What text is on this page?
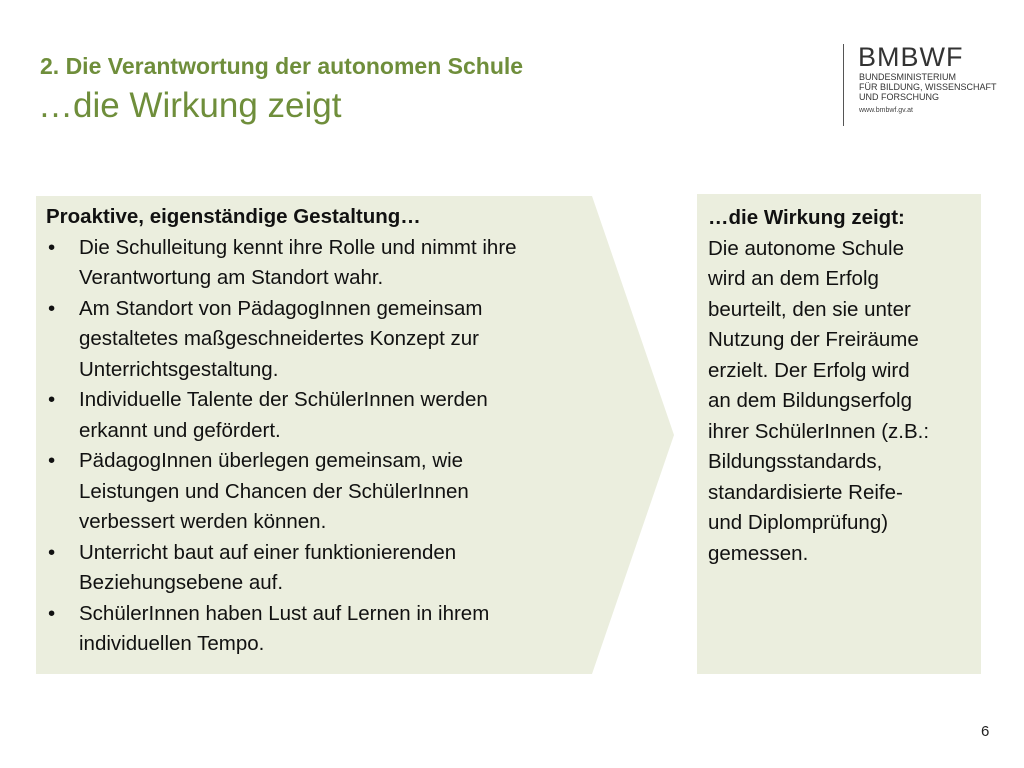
2. Die Verantwortung der autonomen Schule
…die Wirkung zeigt
BMBWF
BUNDESMINISTERIUM
FÜR BILDUNG, WISSENSCHAFT
UND FORSCHUNG
www.bmbwf.gv.at
Proaktive, eigenständige Gestaltung…
• Die Schulleitung kennt ihre Rolle und nimmt ihre
Verantwortung am Standort wahr.
• Am Standort von PädagogInnen gemeinsam
gestaltetes maßgeschneidertes Konzept zur
Unterrichtsgestaltung.
• Individuelle Talente der SchülerInnen werden
erkannt und gefördert.
• PädagogInnen überlegen gemeinsam, wie
Leistungen und Chancen der SchülerInnen
verbessert werden können.
• Unterricht baut auf einer funktionierenden
Beziehungsebene auf.
• SchülerInnen haben Lust auf Lernen in ihrem
individuellen Tempo.
…die Wirkung zeigt:
Die autonome Schule
wird an dem Erfolg
beurteilt, den sie unter
Nutzung der Freiräume
erzielt. Der Erfolg wird
an dem Bildungserfolg
ihrer SchülerInnen (z.B.:
Bildungsstandards,
standardisierte Reife-
und Diplomprüfung)
gemessen.
6
